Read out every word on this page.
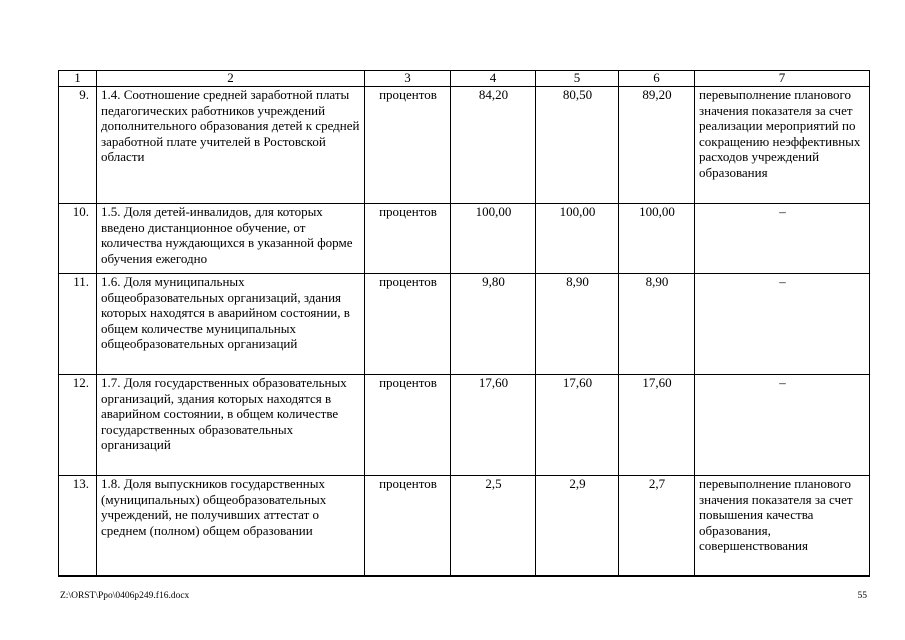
1	2	3	4	5	6	7
9.	1.4. Соотношение средней заработной платы педагогических работников учреждений дополнительного образования детей к средней заработной плате учителей в Ростовской области	процентов	84,20	80,50	89,20	перевыполнение планового значения показателя за счет реализации мероприятий по сокращению неэффективных расходов учреждений образования
10.	1.5. Доля детей-инвалидов, для которых введено дистанционное обучение, от количества нуждающихся в указанной форме обучения ежегодно	процентов	100,00	100,00	100,00	–
11.	1.6. Доля муниципальных общеобразовательных организаций, здания которых находятся в аварийном состоянии, в общем количестве муниципальных общеобразовательных организаций	процентов	9,80	8,90	8,90	–
12.	1.7. Доля государственных образовательных организаций, здания которых находятся в аварийном состоянии, в общем количестве государственных образовательных организаций	процентов	17,60	17,60	17,60	–
13.	1.8. Доля выпускников государственных (муниципальных) общеобразовательных учреждений, не получивших аттестат о среднем (полном) общем образовании	процентов	2,5	2,9	2,7	перевыполнение планового значения показателя за счет повышения качества образования, совершенствования
Z:\ORST\Ppo\0406p249.f16.docx	55
